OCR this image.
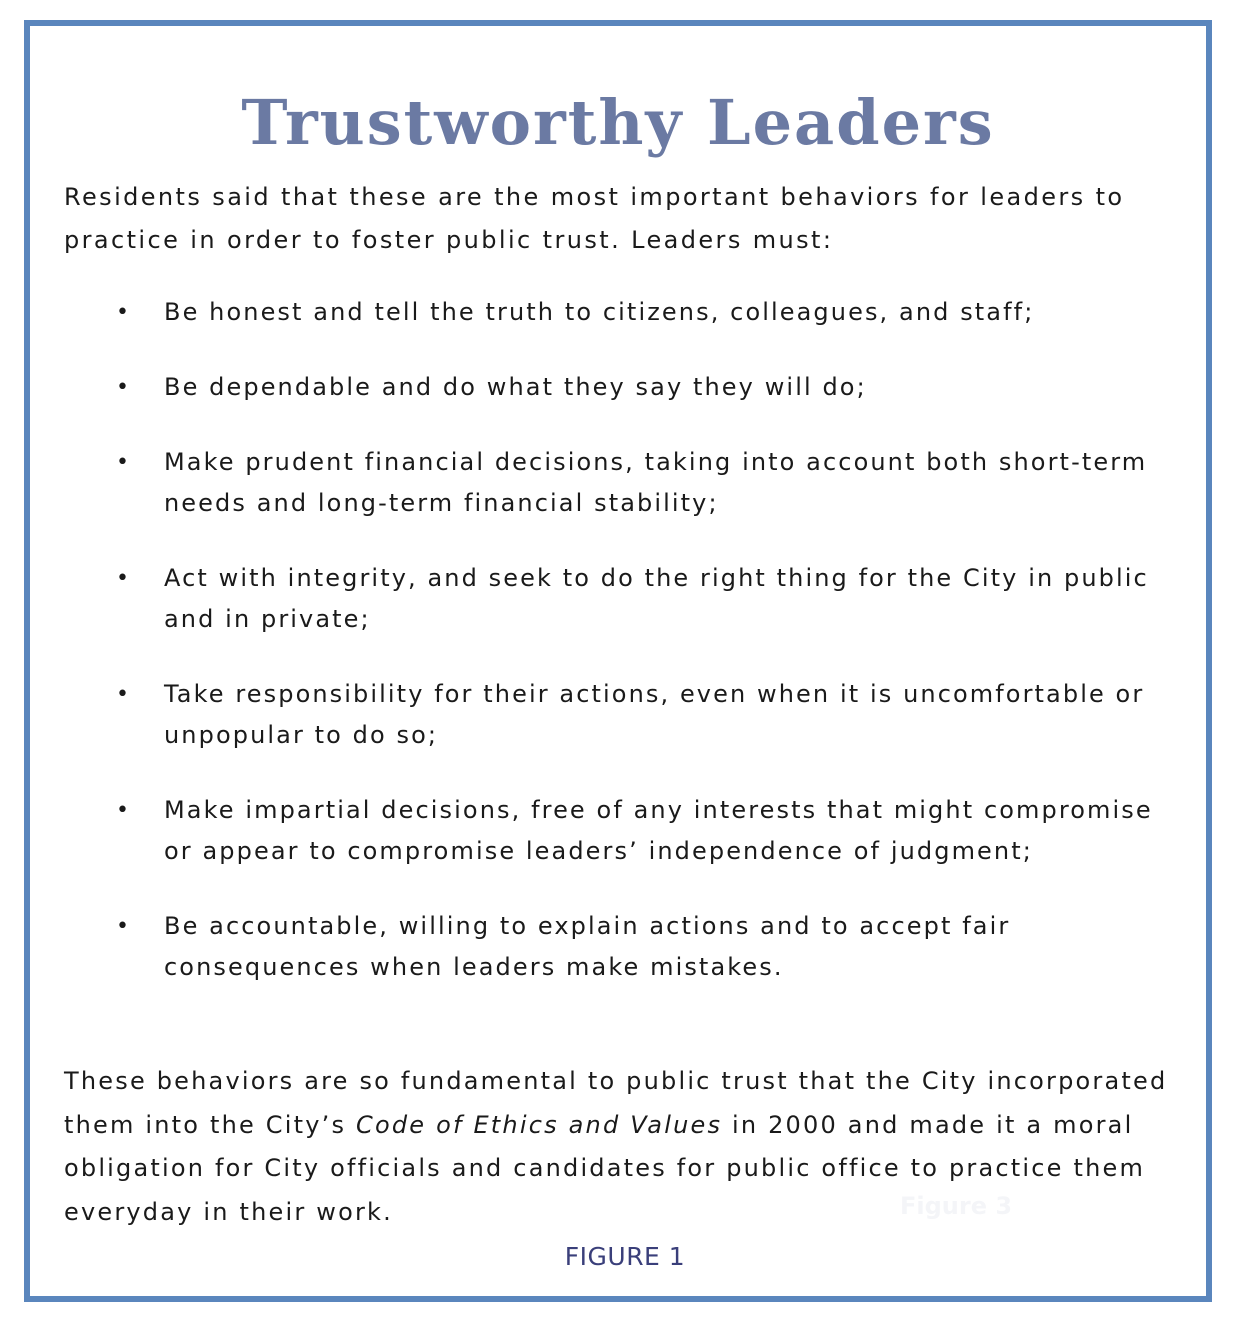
Trustworthy Leaders

Residents said that these are the most important behaviors for leaders to practice in order to foster public trust. Leaders must:

• Be honest and tell the truth to citizens, colleagues, and staff;
• Be dependable and do what they say they will do;
• Make prudent financial decisions, taking into account both short-term needs and long-term financial stability;
• Act with integrity, and seek to do the right thing for the City in public and in private;
• Take responsibility for their actions, even when it is uncomfortable or unpopular to do so;
• Make impartial decisions, free of any interests that might compromise or appear to compromise leaders’ independence of judgment;
• Be accountable, willing to explain actions and to accept fair consequences when leaders make mistakes.

These behaviors are so fundamental to public trust that the City incorporated them into the City’s Code of Ethics and Values in 2000 and made it a moral obligation for City officials and candidates for public office to practice them everyday in their work.	Figure 3
FIGURE 1
